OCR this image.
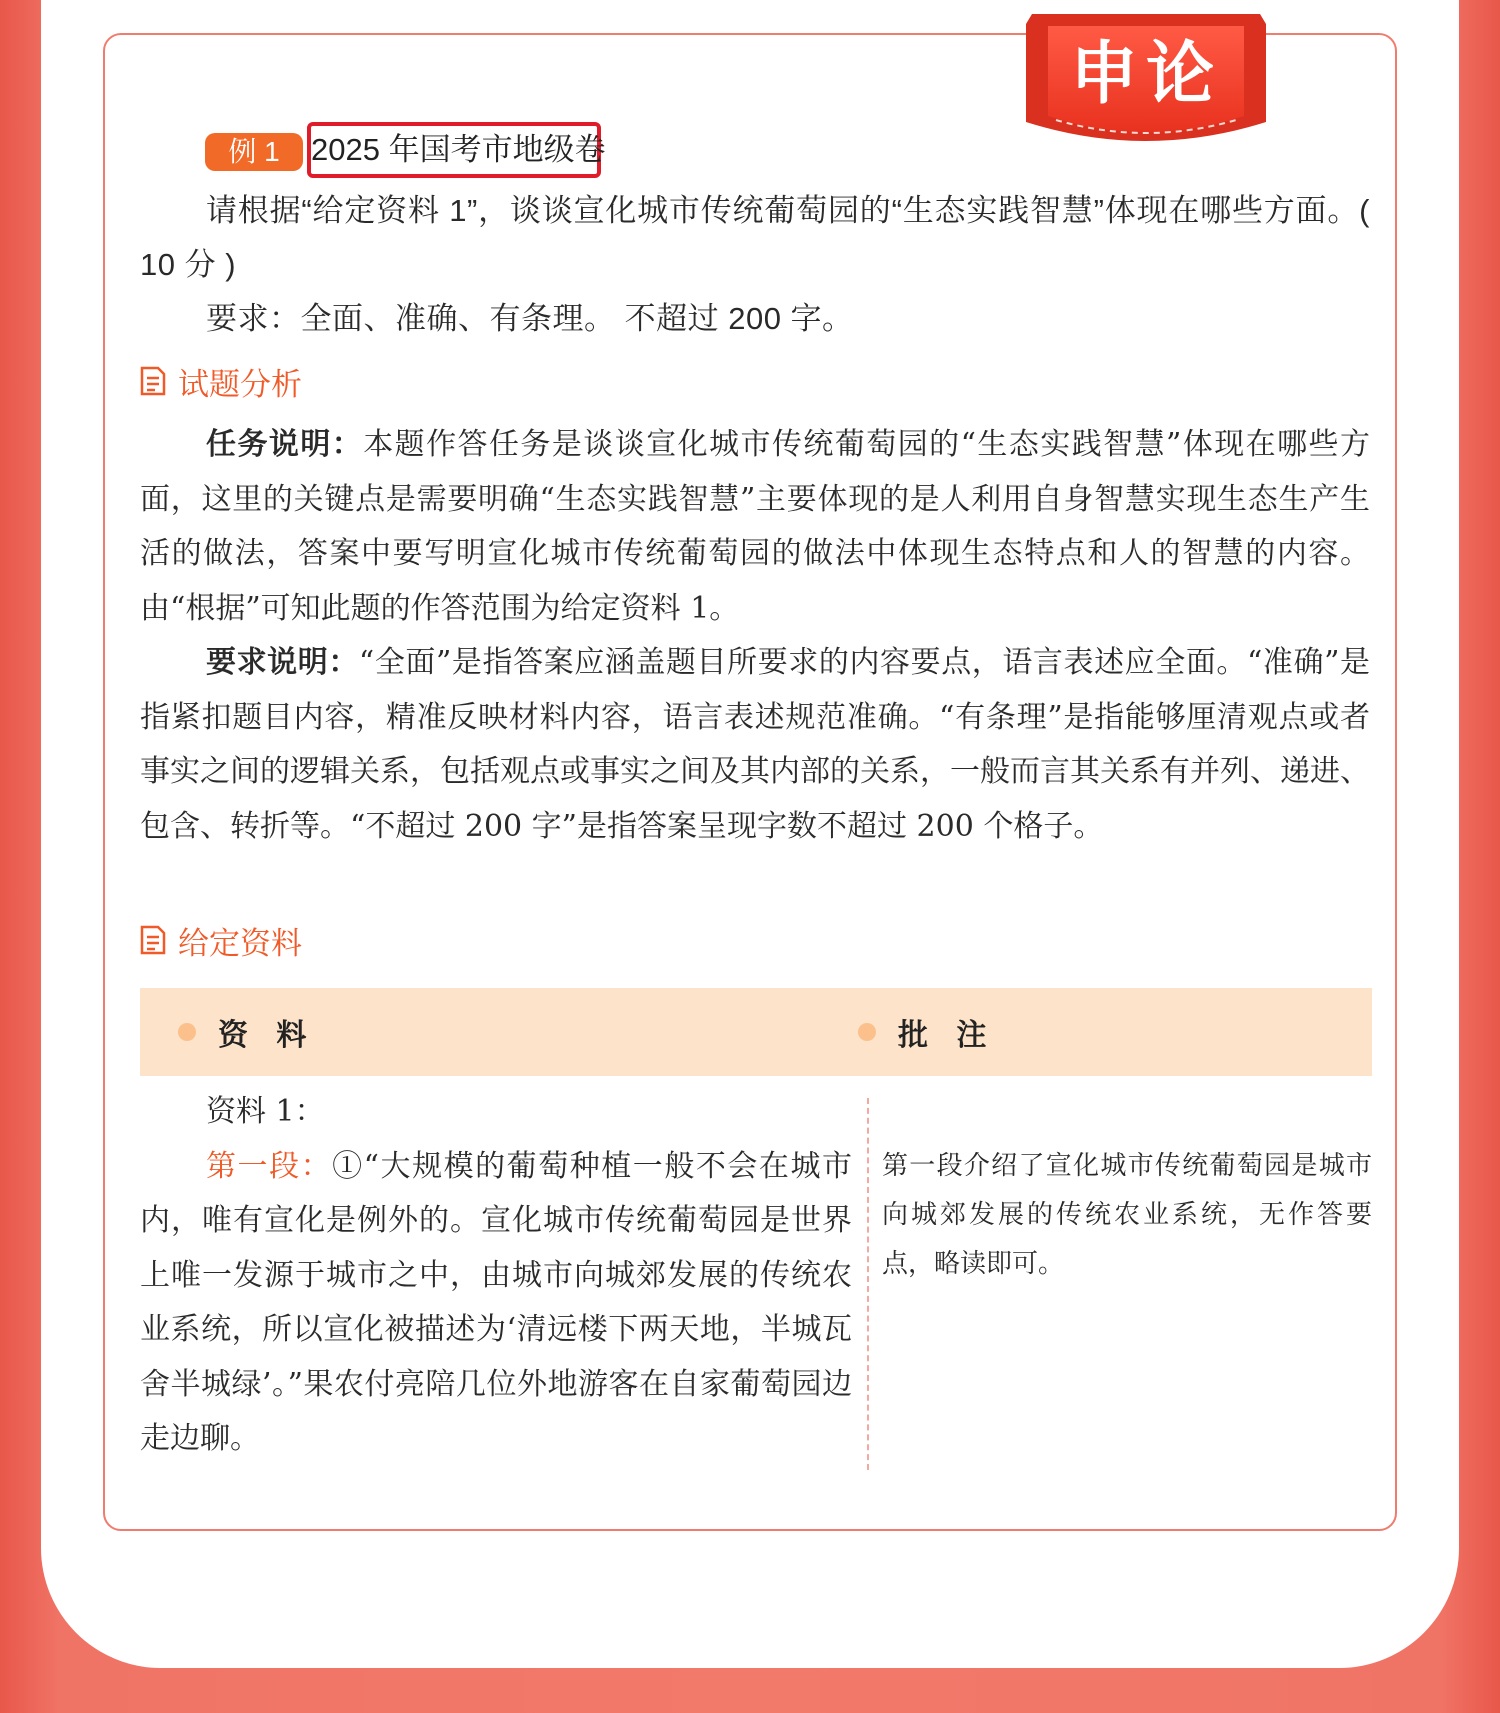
申论
例 1	2025 年国考市地级卷
请根据“给定资料 1”，谈谈宣化城市传统葡萄园的“生态实践智慧”体现在哪些方面。( 10 分 )
要求：全面、准确、有条理。 不超过 200 字。
试题分析

任务说明：本题作答任务是谈谈宣化城市传统葡萄园的“生态实践智慧”体现在哪些方面，这里的关键点是需要明确“生态实践智慧”主要体现的是人利用自身智慧实现生态生产生活的做法，答案中要写明宣化城市传统葡萄园的做法中体现生态特点和人的智慧的内容。由“根据”可知此题的作答范围为给定资料 1。

要求说明：“全面”是指答案应涵盖题目所要求的内容要点，语言表述应全面。“准确”是指紧扣题目内容，精准反映材料内容，语言表述规范准确。“有条理”是指能够厘清观点或者事实之间的逻辑关系，包括观点或事实之间及其内部的关系，一般而言其关系有并列、递进、包含、转折等。“不超过 200 字”是指答案呈现字数不超过 200 个格子。

给定资料
资 料	批 注

资料 1：

第一段：①“大规模的葡萄种植一般不会在城市内，唯有宣化是例外的。宣化城市传统葡萄园是世界上唯一发源于城市之中，由城市向城郊发展的传统农业系统，所以宣化被描述为‘清远楼下两天地，半城瓦舍半城绿’。”果农付亮陪几位外地游客在自家葡萄园边走边聊。

第一段介绍了宣化城市传统葡萄园是城市向城郊发展的传统农业系统，无作答要点，略读即可。
